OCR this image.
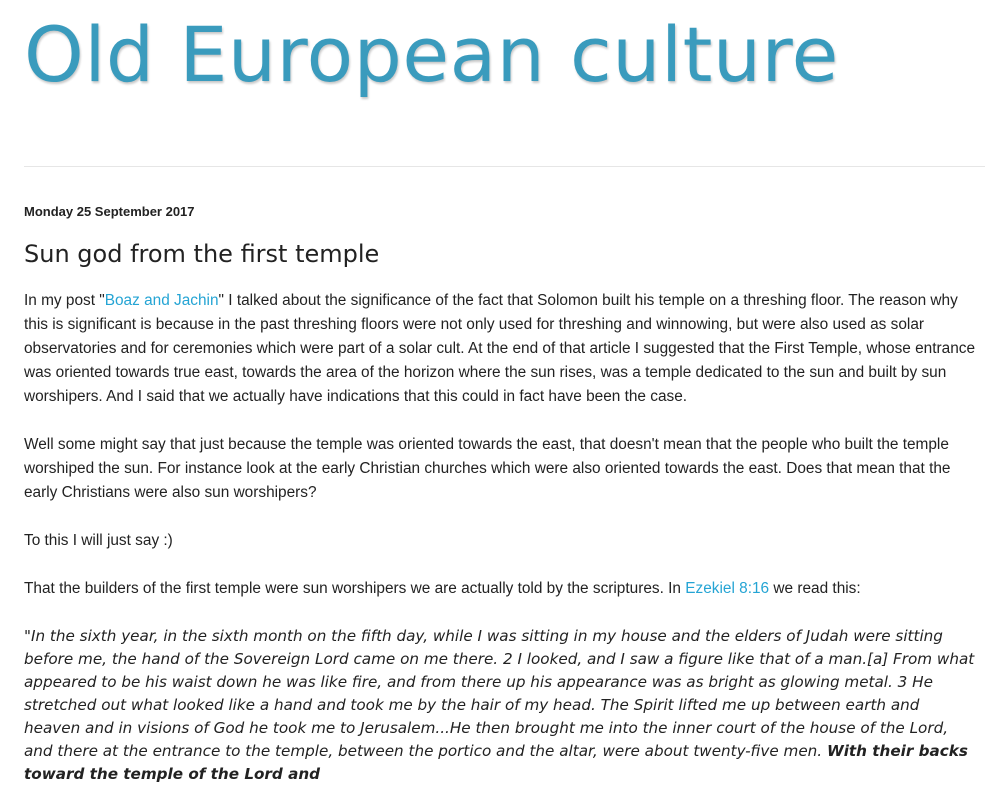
Old European culture
Monday 25 September 2017
Sun god from the first temple

In my post "Boaz and Jachin" I talked about the significance of the fact that Solomon built his temple on a threshing floor. The reason why this is significant is because in the past threshing floors were not only used for threshing and winnowing, but were also used as solar observatories and for ceremonies which were part of a solar cult. At the end of that article I suggested that the First Temple, whose entrance was oriented towards true east, towards the area of the horizon where the sun rises, was a temple dedicated to the sun and built by sun worshipers. And I said that we actually have indications that this could in fact have been the case.

Well some might say that just because the temple was oriented towards the east, that doesn't mean that the people who built the temple worshiped the sun. For instance look at the early Christian churches which were also oriented towards the east. Does that mean that the early Christians were also sun worshipers?

To this I will just say :)

That the builders of the first temple were sun worshipers we are actually told by the scriptures. In Ezekiel 8:16 we read this:

"In the sixth year, in the sixth month on the fifth day, while I was sitting in my house and the elders of Judah were sitting before me, the hand of the Sovereign Lord came on me there. 2 I looked, and I saw a figure like that of a man.[a] From what appeared to be his waist down he was like fire, and from there up his appearance was as bright as glowing metal. 3 He stretched out what looked like a hand and took me by the hair of my head. The Spirit lifted me up between earth and heaven and in visions of God he took me to Jerusalem...He then brought me into the inner court of the house of the Lord, and there at the entrance to the temple, between the portico and the altar, were about twenty-five men. With their backs toward the temple of the Lord and
